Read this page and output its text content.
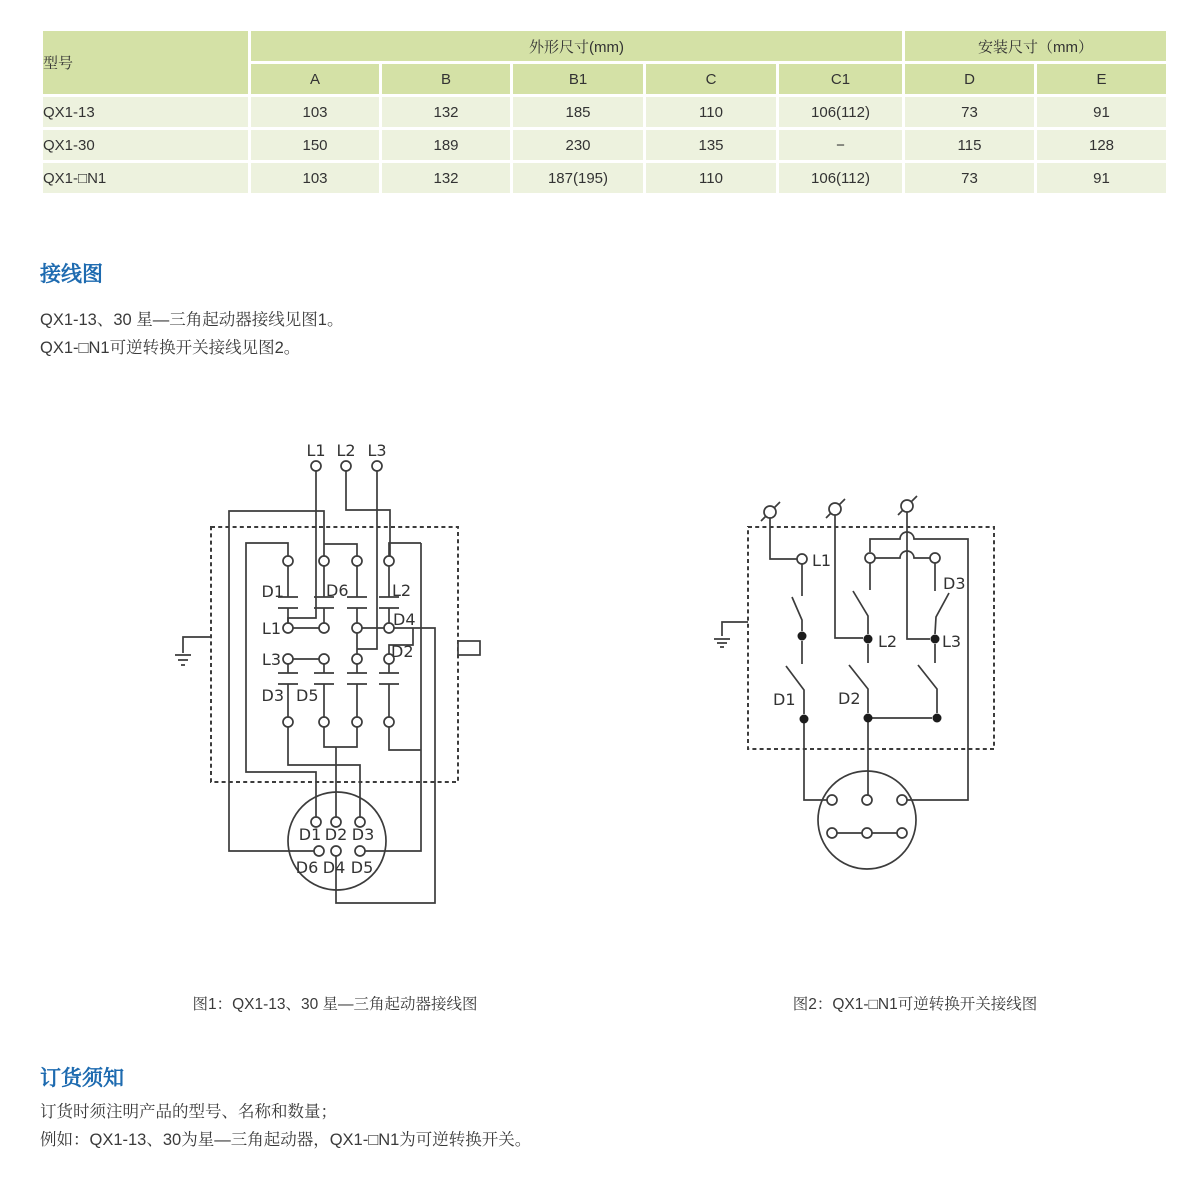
型号	外形尺寸(mm)					安装尺寸（mm）	
	A	B	B1	C	C1	D	E
QX1-13	103	132	185	110	106(112)	73	91
QX1-30	150	189	230	135	−	115	128
QX1-□N1	103	132	187(195)	110	106(112)	73	91
接线图
QX1-13、30 星—三角起动器接线见图1。
QX1-□N1可逆转换开关接线见图2。
L1 L2 L3
D1	D6	L2
L1	D4
L3	D2
D3 D5
D1 D2 D3
D6 D4 D5
L1
D3
L2	L3
D1	D2
图1：QX1-13、30 星—三角起动器接线图	图2：QX1-□N1可逆转换开关接线图
订货须知
订货时须注明产品的型号、名称和数量；
例如：QX1-13、30为星—三角起动器，QX1-□N1为可逆转换开关。
